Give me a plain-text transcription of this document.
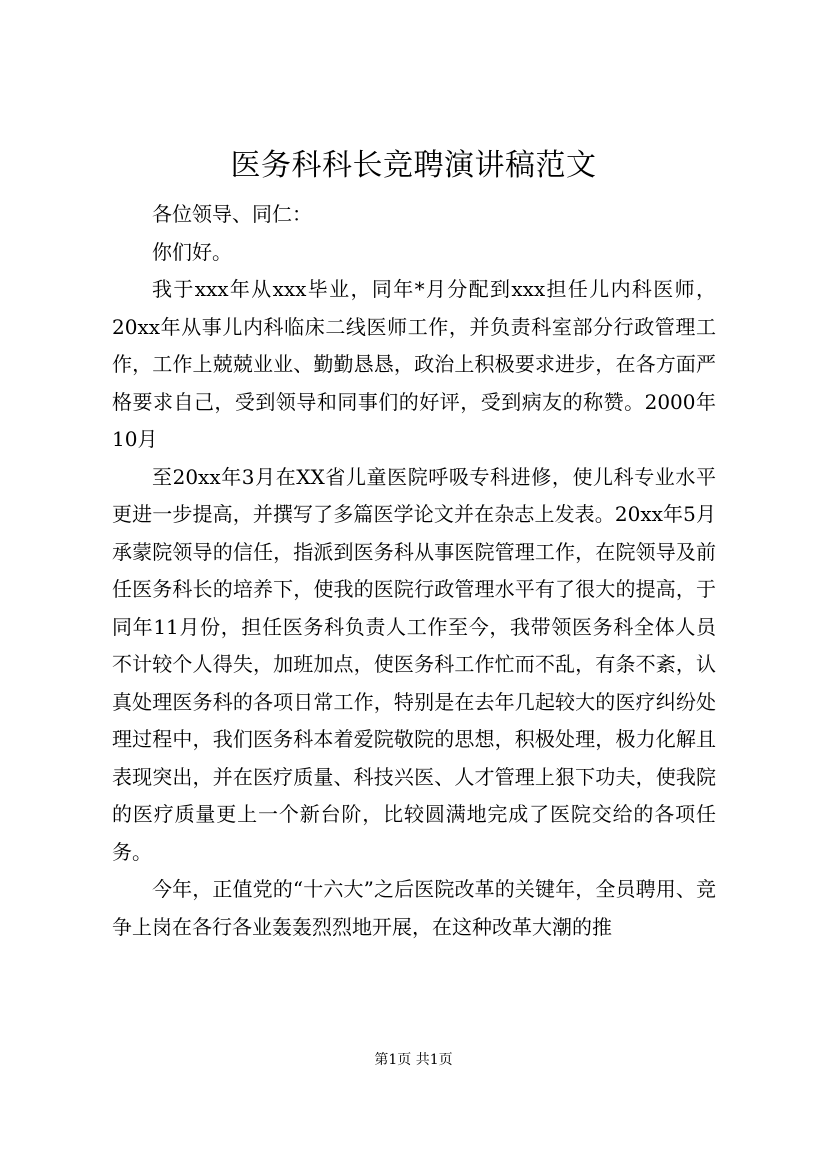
医务科科长竞聘演讲稿范文

各位领导、同仁：

你们好。

我于xxx年从xxx毕业，同年*月分配到xxx担任儿内科医师，20xx年从事儿内科临床二线医师工作，并负责科室部分行政管理工作，工作上兢兢业业、勤勤恳恳，政治上积极要求进步，在各方面严格要求自己，受到领导和同事们的好评，受到病友的称赞。2000年10月

至20xx年3月在XX省儿童医院呼吸专科进修，使儿科专业水平更进一步提高，并撰写了多篇医学论文并在杂志上发表。20xx年5月承蒙院领导的信任，指派到医务科从事医院管理工作，在院领导及前任医务科长的培养下，使我的医院行政管理水平有了很大的提高，于同年11月份，担任医务科负责人工作至今，我带领医务科全体人员不计较个人得失，加班加点，使医务科工作忙而不乱，有条不紊，认真处理医务科的各项日常工作，特别是在去年几起较大的医疗纠纷处理过程中，我们医务科本着爱院敬院的思想，积极处理，极力化解且表现突出，并在医疗质量、科技兴医、人才管理上狠下功夫，使我院的医疗质量更上一个新台阶，比较圆满地完成了医院交给的各项任务。

今年，正值党的“十六大”之后医院改革的关键年，全员聘用、竞争上岗在各行各业轰轰烈烈地开展，在这种改革大潮的推

第1页 共1页
